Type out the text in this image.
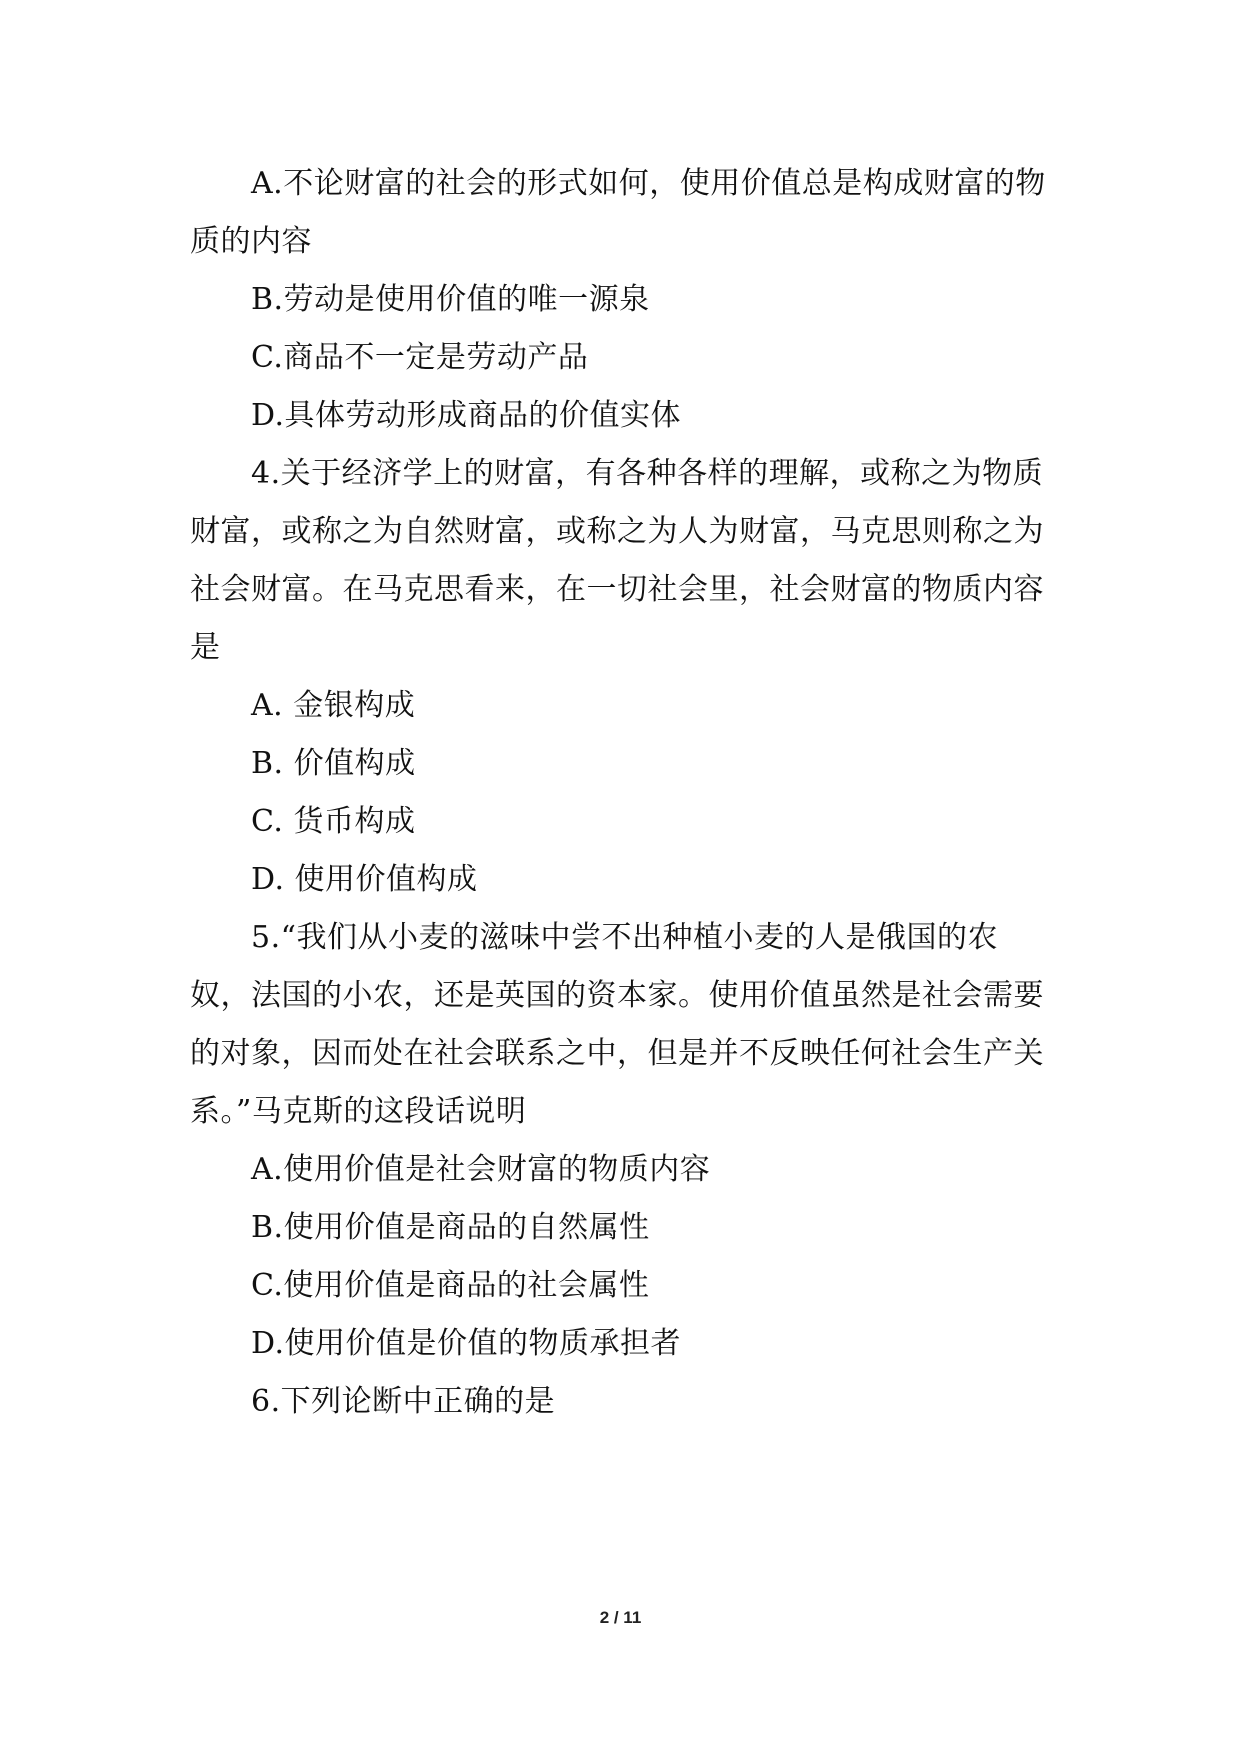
A.不论财富的社会的形式如何，使用价值总是构成财富的物
质的内容
B.劳动是使用价值的唯一源泉
C.商品不一定是劳动产品
D.具体劳动形成商品的价值实体
4.关于经济学上的财富，有各种各样的理解，或称之为物质
财富，或称之为自然财富，或称之为人为财富，马克思则称之为
社会财富。在马克思看来，在一切社会里，社会财富的物质内容
是
A. 金银构成
B. 价值构成
C. 货币构成
D. 使用价值构成
5.“我们从小麦的滋味中尝不出种植小麦的人是俄国的农
奴，法国的小农，还是英国的资本家。使用价值虽然是社会需要
的对象，因而处在社会联系之中，但是并不反映任何社会生产关
系。”马克斯的这段话说明
A.使用价值是社会财富的物质内容
B.使用价值是商品的自然属性
C.使用价值是商品的社会属性
D.使用价值是价值的物质承担者
6.下列论断中正确的是
2 / 11
